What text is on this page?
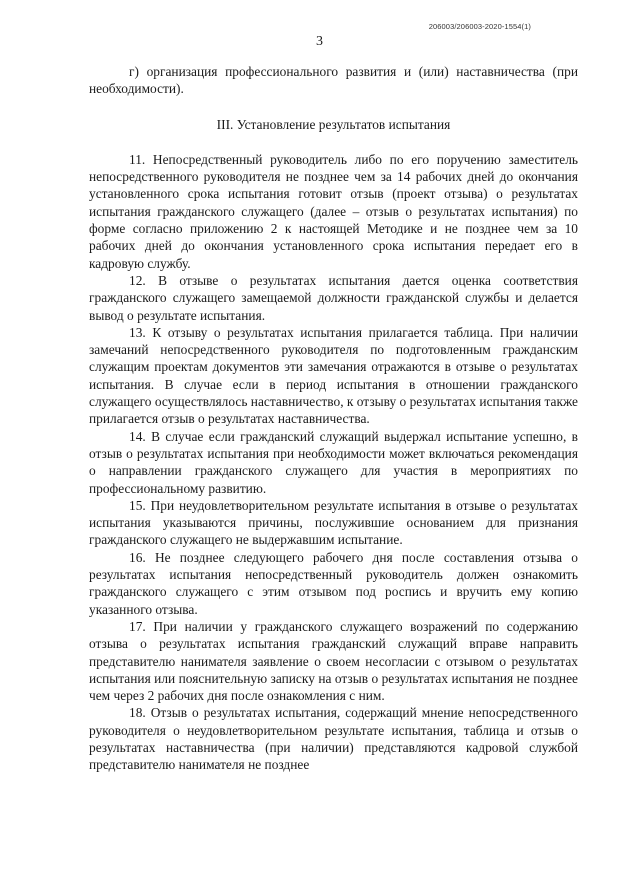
206003/206003-2020-1554(1)
3

г) организация профессионального развития и (или) наставничества (при необходимости).

III. Установление результатов испытания

11. Непосредственный руководитель либо по его поручению заместитель непосредственного руководителя не позднее чем за 14 рабочих дней до окончания установленного срока испытания готовит отзыв (проект отзыва) о результатах испытания гражданского служащего (далее – отзыв о результатах испытания) по форме согласно приложению 2 к настоящей Методике и не позднее чем за 10 рабочих дней до окончания установленного срока испытания передает его в кадровую службу.

12. В отзыве о результатах испытания дается оценка соответствия гражданского служащего замещаемой должности гражданской службы и делается вывод о результате испытания.

13. К отзыву о результатах испытания прилагается таблица. При наличии замечаний непосредственного руководителя по подготовленным гражданским служащим проектам документов эти замечания отражаются в отзыве о результатах испытания. В случае если в период испытания в отношении гражданского служащего осуществлялось наставничество, к отзыву о результатах испытания также прилагается отзыв о результатах наставничества.

14. В случае если гражданский служащий выдержал испытание успешно, в отзыв о результатах испытания при необходимости может включаться рекомендация о направлении гражданского служащего для участия в мероприятиях по профессиональному развитию.

15. При неудовлетворительном результате испытания в отзыве о результатах испытания указываются причины, послужившие основанием для признания гражданского служащего не выдержавшим испытание.

16. Не позднее следующего рабочего дня после составления отзыва о результатах испытания непосредственный руководитель должен ознакомить гражданского служащего с этим отзывом под роспись и вручить ему копию указанного отзыва.

17. При наличии у гражданского служащего возражений по содержанию отзыва о результатах испытания гражданский служащий вправе направить представителю нанимателя заявление о своем несогласии с отзывом о результатах испытания или пояснительную записку на отзыв о результатах испытания не позднее чем через 2 рабочих дня после ознакомления с ним.

18. Отзыв о результатах испытания, содержащий мнение непосредственного руководителя о неудовлетворительном результате испытания, таблица и отзыв о результатах наставничества (при наличии) представляются кадровой службой представителю нанимателя не позднее
